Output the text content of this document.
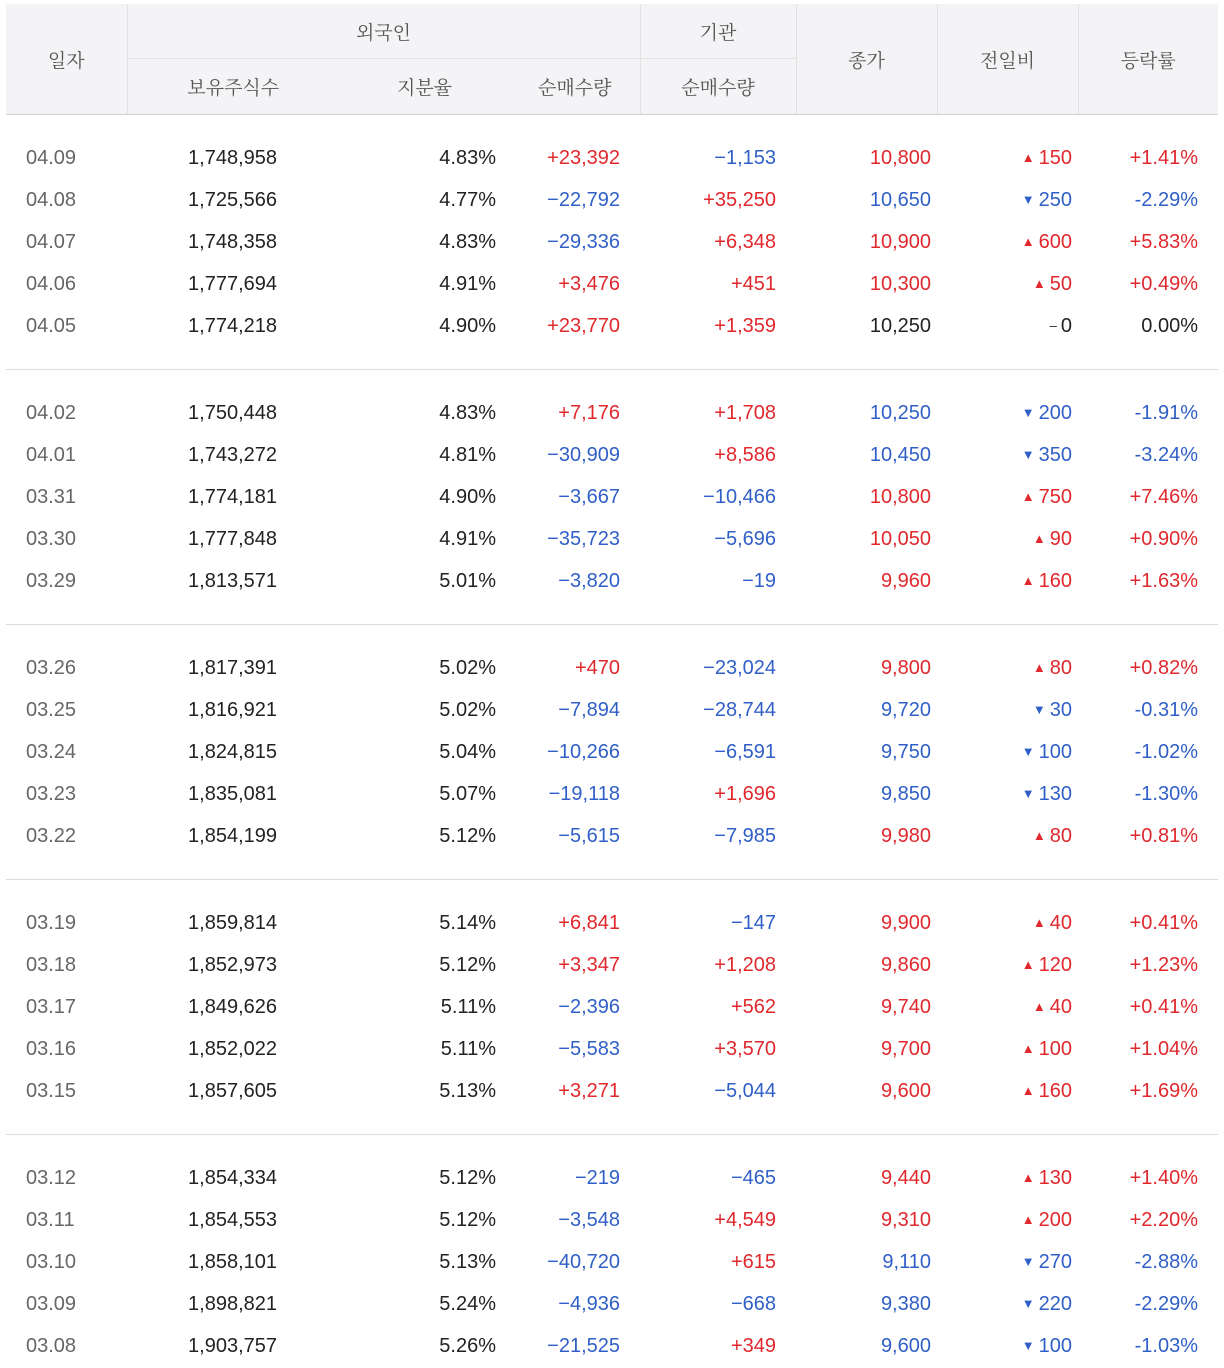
일자	외국인			기관	종가	전일비	등락률
	보유주식수	지분율	순매수량	순매수량			

04.09	1,748,958	4.83%	+23,392	−1,153	10,800	▲ 150	+1.41%
04.08	1,725,566	4.77%	−22,792	+35,250	10,650	▼ 250	-2.29%
04.07	1,748,358	4.83%	−29,336	+6,348	10,900	▲ 600	+5.83%
04.06	1,777,694	4.91%	+3,476	+451	10,300	▲ 50	+0.49%
04.05	1,774,218	4.90%	+23,770	+1,359	10,250	– 0	0.00%

04.02	1,750,448	4.83%	+7,176	+1,708	10,250	▼ 200	-1.91%
04.01	1,743,272	4.81%	−30,909	+8,586	10,450	▼ 350	-3.24%
03.31	1,774,181	4.90%	−3,667	−10,466	10,800	▲ 750	+7.46%
03.30	1,777,848	4.91%	−35,723	−5,696	10,050	▲ 90	+0.90%
03.29	1,813,571	5.01%	−3,820	−19	9,960	▲ 160	+1.63%

03.26	1,817,391	5.02%	+470	−23,024	9,800	▲ 80	+0.82%
03.25	1,816,921	5.02%	−7,894	−28,744	9,720	▼ 30	-0.31%
03.24	1,824,815	5.04%	−10,266	−6,591	9,750	▼ 100	-1.02%
03.23	1,835,081	5.07%	−19,118	+1,696	9,850	▼ 130	-1.30%
03.22	1,854,199	5.12%	−5,615	−7,985	9,980	▲ 80	+0.81%

03.19	1,859,814	5.14%	+6,841	−147	9,900	▲ 40	+0.41%
03.18	1,852,973	5.12%	+3,347	+1,208	9,860	▲ 120	+1.23%
03.17	1,849,626	5.11%	−2,396	+562	9,740	▲ 40	+0.41%
03.16	1,852,022	5.11%	−5,583	+3,570	9,700	▲ 100	+1.04%
03.15	1,857,605	5.13%	+3,271	−5,044	9,600	▲ 160	+1.69%

03.12	1,854,334	5.12%	−219	−465	9,440	▲ 130	+1.40%
03.11	1,854,553	5.12%	−3,548	+4,549	9,310	▲ 200	+2.20%
03.10	1,858,101	5.13%	−40,720	+615	9,110	▼ 270	-2.88%
03.09	1,898,821	5.24%	−4,936	−668	9,380	▼ 220	-2.29%
03.08	1,903,757	5.26%	−21,525	+349	9,600	▼ 100	-1.03%
